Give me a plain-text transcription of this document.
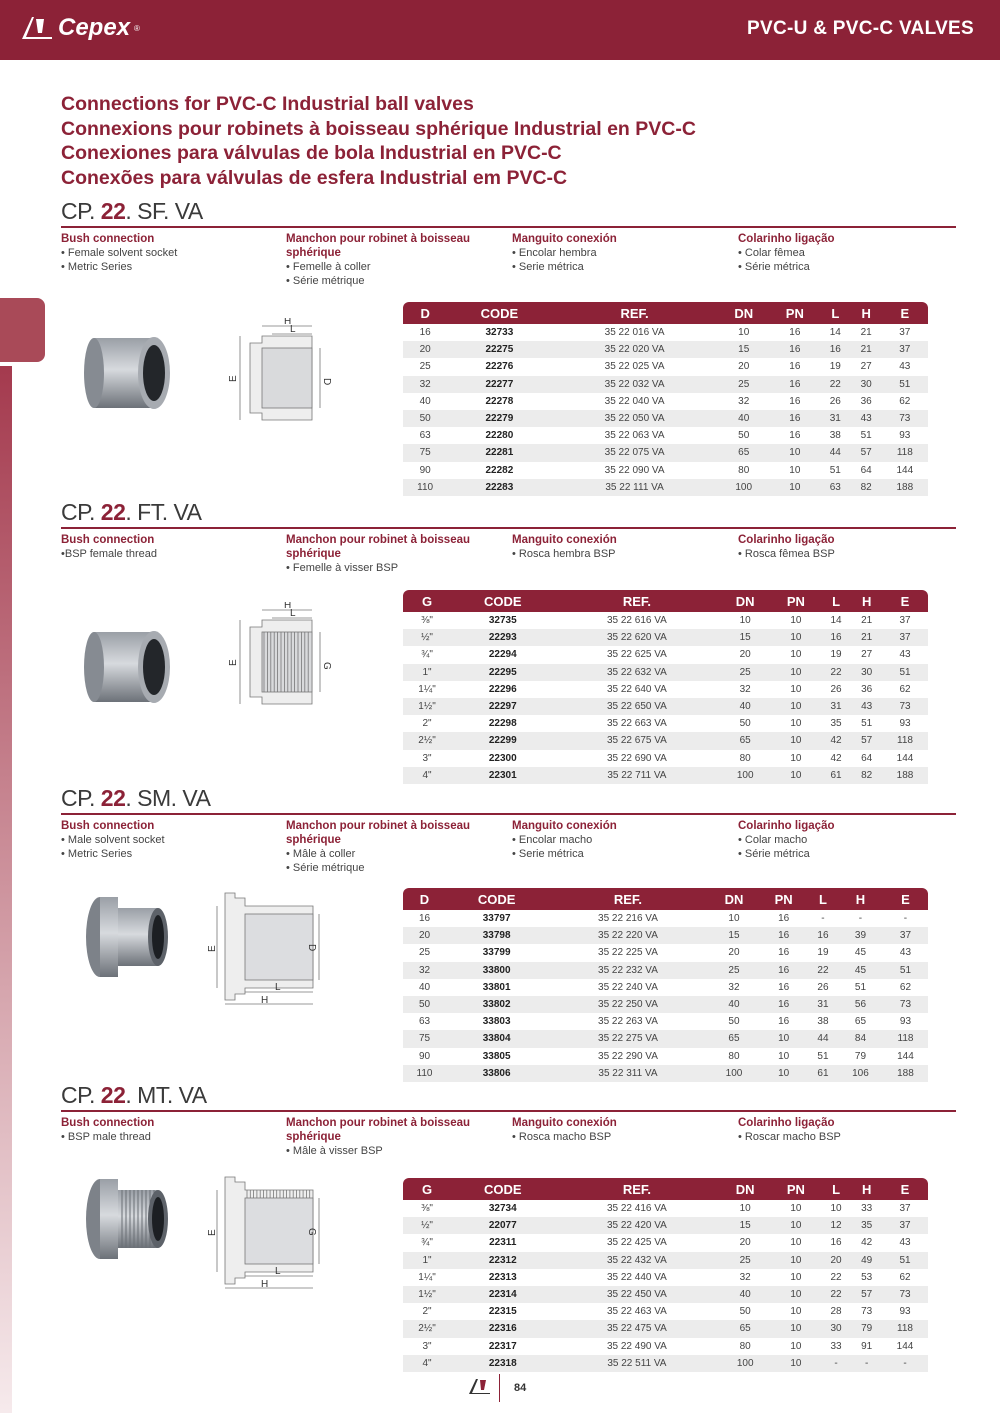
Cepex ®	PVC-U & PVC-C VALVES
Connections for PVC-C Industrial ball valves
Connexions pour robinets à boisseau sphérique Industrial en PVC-C
Conexiones para válvulas de bola Industrial en PVC-C
Conexões para válvulas de esfera Industrial em PVC-C
CP. 22. SF. VA
Bush connection
• Female solvent socket
• Metric Series
Manchon pour robinet à boisseau sphérique
• Femelle à coller
• Série métrique
Manguito conexión
• Encolar hembra
• Serie métrica
Colarinho ligação
• Colar fêmea
• Série métrica
H
L
E	D
D	CODE	REF.	DN	PN	L	H	E
16	32733	35 22 016 VA	10	16	14	21	37
20	22275	35 22 020 VA	15	16	16	21	37
25	22276	35 22 025 VA	20	16	19	27	43
32	22277	35 22 032 VA	25	16	22	30	51
40	22278	35 22 040 VA	32	16	26	36	62
50	22279	35 22 050 VA	40	16	31	43	73
63	22280	35 22 063 VA	50	16	38	51	93
75	22281	35 22 075 VA	65	10	44	57	118
90	22282	35 22 090 VA	80	10	51	64	144
110	22283	35 22 111 VA	100	10	63	82	188
CP. 22. FT. VA
Bush connection
•BSP female thread
Manchon pour robinet à boisseau sphérique
• Femelle à visser BSP
Manguito conexión
• Rosca hembra BSP
Colarinho ligação
• Rosca fêmea BSP
H
L
E	G
G	CODE	REF.	DN	PN	L	H	E
⅜"	32735	35 22 616 VA	10	10	14	21	37
½"	22293	35 22 620 VA	15	10	16	21	37
¾"	22294	35 22 625 VA	20	10	19	27	43
1"	22295	35 22 632 VA	25	10	22	30	51
1¼"	22296	35 22 640 VA	32	10	26	36	62
1½"	22297	35 22 650 VA	40	10	31	43	73
2"	22298	35 22 663 VA	50	10	35	51	93
2½"	22299	35 22 675 VA	65	10	42	57	118
3"	22300	35 22 690 VA	80	10	42	64	144
4"	22301	35 22 711 VA	100	10	61	82	188
CP. 22. SM. VA
Bush connection
• Male solvent socket
• Metric Series
Manchon pour robinet à boisseau sphérique
• Mâle à coller
• Série métrique
Manguito conexión
• Encolar macho
• Serie métrica
Colarinho ligação
• Colar macho
• Série métrica
E	D
L
H
D	CODE	REF.	DN	PN	L	H	E
16	33797	35 22 216 VA	10	16	-	-	-
20	33798	35 22 220 VA	15	16	16	39	37
25	33799	35 22 225 VA	20	16	19	45	43
32	33800	35 22 232 VA	25	16	22	45	51
40	33801	35 22 240 VA	32	16	26	51	62
50	33802	35 22 250 VA	40	16	31	56	73
63	33803	35 22 263 VA	50	16	38	65	93
75	33804	35 22 275 VA	65	10	44	84	118
90	33805	35 22 290 VA	80	10	51	79	144
110	33806	35 22 311 VA	100	10	61	106	188
CP. 22. MT. VA
Bush connection
• BSP male thread
Manchon pour robinet à boisseau sphérique
• Mâle à visser BSP
Manguito conexión
• Rosca macho BSP
Colarinho ligação
• Roscar macho BSP
E	G
L
H
G	CODE	REF.	DN	PN	L	H	E
⅜"	32734	35 22 416 VA	10	10	10	33	37
½"	22077	35 22 420 VA	15	10	12	35	37
¾"	22311	35 22 425 VA	20	10	16	42	43
1"	22312	35 22 432 VA	25	10	20	49	51
1¼"	22313	35 22 440 VA	32	10	22	53	62
1½"	22314	35 22 450 VA	40	10	22	57	73
2"	22315	35 22 463 VA	50	10	28	73	93
2½"	22316	35 22 475 VA	65	10	30	79	118
3"	22317	35 22 490 VA	80	10	33	91	144
4"	22318	35 22 511 VA	100	10	-	-	-
84
